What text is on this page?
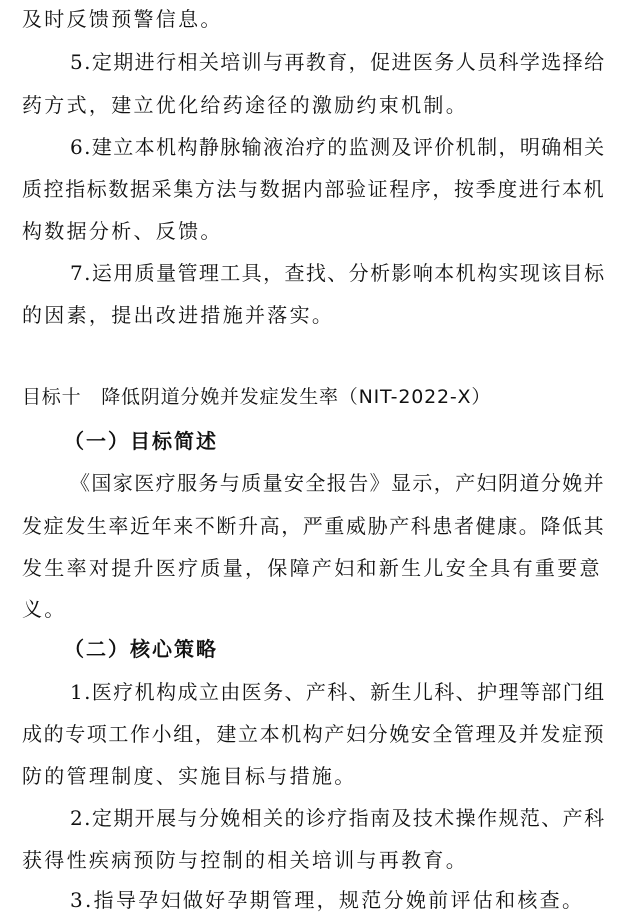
及时反馈预警信息。

5.定期进行相关培训与再教育，促进医务人员科学选择给

药方式，建立优化给药途径的激励约束机制。

6.建立本机构静脉输液治疗的监测及评价机制，明确相关

质控指标数据采集方法与数据内部验证程序，按季度进行本机

构数据分析、反馈。

7.运用质量管理工具，查找、分析影响本机构实现该目标

的因素，提出改进措施并落实。

目标十　降低阴道分娩并发症发生率（NIT-2022-Ⅹ）

（一）目标简述

《国家医疗服务与质量安全报告》显示，产妇阴道分娩并

发症发生率近年来不断升高，严重威胁产科患者健康。降低其

发生率对提升医疗质量，保障产妇和新生儿安全具有重要意

义。

（二）核心策略

1.医疗机构成立由医务、产科、新生儿科、护理等部门组

成的专项工作小组，建立本机构产妇分娩安全管理及并发症预

防的管理制度、实施目标与措施。

2.定期开展与分娩相关的诊疗指南及技术操作规范、产科

获得性疾病预防与控制的相关培训与再教育。

3.指导孕妇做好孕期管理，规范分娩前评估和核查。
